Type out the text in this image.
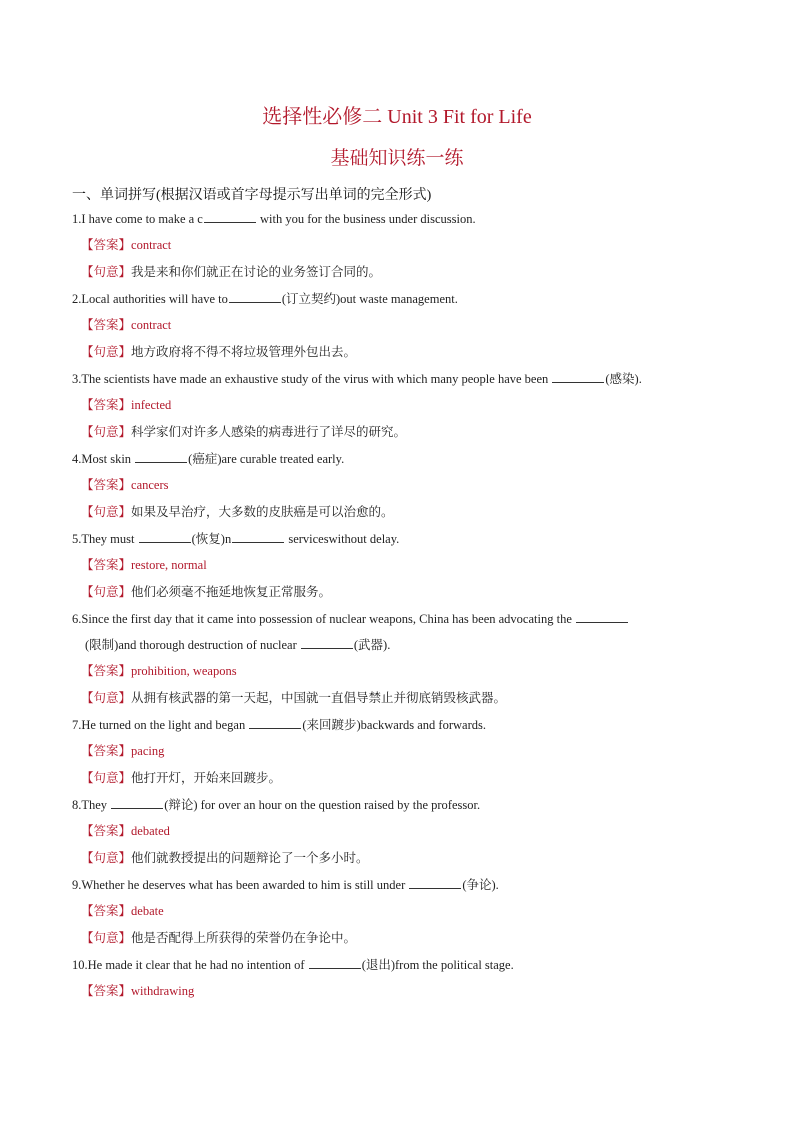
选择性必修二 Unit 3 Fit for Life
基础知识练一练
一、单词拼写(根据汉语或首字母提示写出单词的完全形式)
1.I have come to make a c	with you for the business under discussion.
【答案】contract
【句意】我是来和你们就正在讨论的业务签订合同的。
2.Local authorities will have to	(订立契约)out waste management.
【答案】contract
【句意】地方政府将不得不将垃圾管理外包出去。
3.The scientists have made an exhaustive study of the virus with which many people have been	(感染).
【答案】infected
【句意】科学家们对许多人感染的病毒进行了详尽的研究。
4.Most skin	(癌症)are curable treated early.
【答案】cancers
【句意】如果及早治疗，大多数的皮肤癌是可以治愈的。
5.They must	(恢复)n	serviceswithout delay.
【答案】restore, normal
【句意】他们必须毫不拖延地恢复正常服务。
6.Since the first day that it came into possession of nuclear weapons, China has been advocating the
(限制)and thorough destruction of nuclear	(武器).
【答案】prohibition, weapons
【句意】从拥有核武器的第一天起，中国就一直倡导禁止并彻底销毁核武器。
7.He turned on the light and began	(来回踱步)backwards and forwards.
【答案】pacing
【句意】他打开灯，开始来回踱步。
8.They	(辩论) for over an hour on the question raised by the professor.
【答案】debated
【句意】他们就教授提出的问题辩论了一个多小时。
9.Whether he deserves what has been awarded to him is still under	(争论).
【答案】debate
【句意】他是否配得上所获得的荣誉仍在争论中。
10.He made it clear that he had no intention of	(退出)from the political stage.
【答案】withdrawing
